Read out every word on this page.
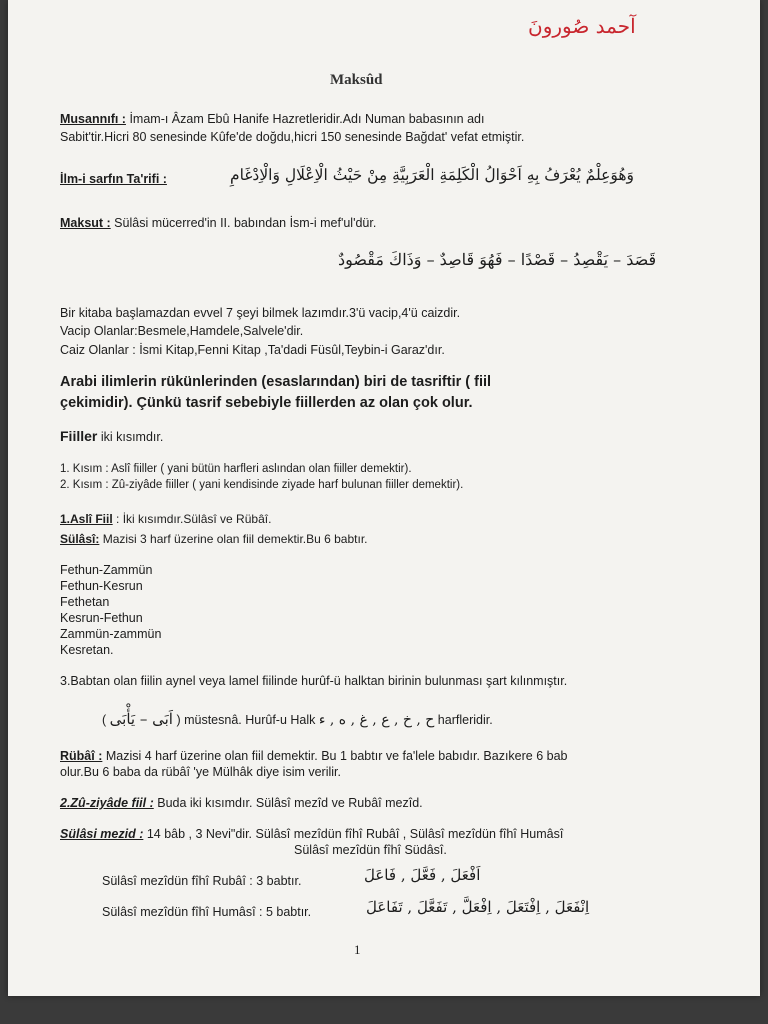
آحمد صُورونَ
Maksûd
Musannıfı : İmam-ı Âzam Ebû Hanife Hazretleridir.Adı Numan babasının adı
Sabit'tir.Hicri 80 senesinde Kûfe'de doğdu,hicri 150 senesinde Bağdat' vefat etmiştir.
İlm-i sarfın Ta'rifi :	وَهُوَعِلْمٌ يُعْرَفُ بِهِ اَحْوَالُ الْكَلِمَةِ الْعَرَبِيَّةِ مِنْ حَيْثُ الْاِعْلَالِ وَالْاِدْغَامِ
Maksut : Sülâsi mücerred'in II. babından İsm-i mef'ul'dür.
قَصَدَ – يَقْصِدُ – قَصْدًا – فَهُوَ قَاصِدٌ – وَذَاكَ مَقْصُودٌ
Bir kitaba başlamazdan evvel 7 şeyi bilmek lazımdır.3'ü vacip,4'ü caizdir.
Vacip Olanlar:Besmele,Hamdele,Salvele'dir.
Caiz Olanlar : İsmi Kitap,Fenni Kitap ,Ta'dadi Füsûl,Teybin-i Garaz'dır.
Arabi ilimlerin rükünlerinden (esaslarından) biri de tasriftir ( fiil
çekimidir). Çünkü tasrif sebebiyle fiillerden az olan çok olur.
Fiiller iki kısımdır.
1. Kısım : Aslî fiiller ( yani bütün harfleri aslından olan fiiller demektir).
2. Kısım : Zû-ziyâde fiiller ( yani kendisinde ziyade harf bulunan fiiller demektir).
1.Aslî Fiil : İki kısımdır.Sülâsî ve Rübâî.
Sülâsî: Mazisi 3 harf üzerine olan fiil demektir.Bu 6 babtır.
Fethun-Zammün
Fethun-Kesrun
Fethetan
Kesrun-Fethun
Zammün-zammün
Kesretan.
3.Babtan olan fiilin aynel veya lamel fiilinde hurûf-ü halktan birinin bulunması şart kılınmıştır.
( اَبَى – يَأْبَى ) müstesnâ. Hurûf-u Halk ح , خ , ع , غ , ه , ء harfleridir.
Rübâî : Mazisi 4 harf üzerine olan fiil demektir. Bu 1 babtır ve fa'lele babıdır. Bazıkere 6 bab
olur.Bu 6 baba da rübâî 'ye Mülhâk diye isim verilir.
2.Zû-ziyâde fiil : Buda iki kısımdır. Sülâsî mezîd ve Rubâî mezîd.
Sülâsi mezid : 14 bâb , 3 Nevi"dir. Sülâsî mezîdün fîhî Rubâî , Sülâsî mezîdün fîhî Humâsî
Sülâsî mezîdün fîhî Südâsî.
Sülâsî mezîdün fîhî Rubâî : 3 babtır.	اَفْعَلَ , فَعَّلَ , فَاعَلَ
Sülâsî mezîdün fîhî Humâsî : 5 babtır.	اِنْفَعَلَ , اِفْتَعَلَ , اِفْعَلَّ , تَفَعَّلَ , تَفَاعَلَ
1
